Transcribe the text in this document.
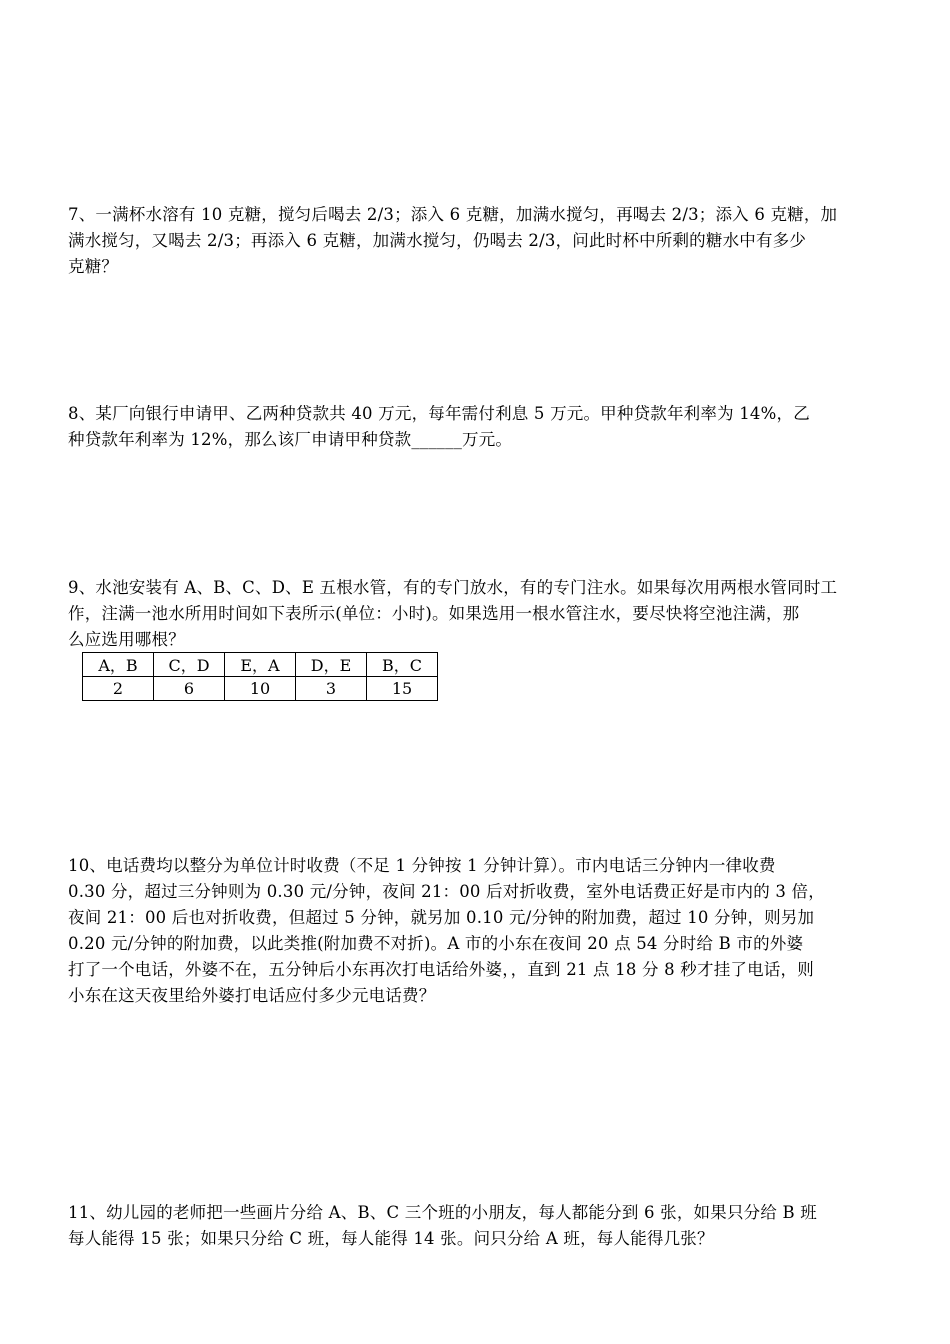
7、一满杯水溶有 10 克糖，搅匀后喝去 2/3；添入 6 克糖，加满水搅匀，再喝去 2/3；添入 6 克糖，加
满水搅匀，又喝去 2/3；再添入 6 克糖，加满水搅匀，仍喝去 2/3，问此时杯中所剩的糖水中有多少
克糖？
8、某厂向银行申请甲、乙两种贷款共 40 万元，每年需付利息 5 万元。甲种贷款年利率为 14%，乙
种贷款年利率为 12%，那么该厂申请甲种贷款______万元。
9、水池安装有 A、B、C、D、E 五根水管，有的专门放水，有的专门注水。如果每次用两根水管同时工
作，注满一池水所用时间如下表所示(单位：小时)。如果选用一根水管注水，要尽快将空池注满，那
么应选用哪根？
A，B	C，D	E，A	D，E	B，C
2	6	10	3	15
10、电话费均以整分为单位计时收费（不足 1 分钟按 1 分钟计算）。市内电话三分钟内一律收费
0.30 分，超过三分钟则为 0.30 元/分钟，夜间 21：00 后对折收费，室外电话费正好是市内的 3 倍，
夜间 21：00 后也对折收费，但超过 5 分钟，就另加 0.10 元/分钟的附加费，超过 10 分钟，则另加
0.20 元/分钟的附加费，以此类推(附加费不对折)。A 市的小东在夜间 20 点 54 分时给 B 市的外婆
打了一个电话，外婆不在，五分钟后小东再次打电话给外婆，，直到 21 点 18 分 8 秒才挂了电话，则
小东在这天夜里给外婆打电话应付多少元电话费？
11、幼儿园的老师把一些画片分给 A、B、C 三个班的小朋友，每人都能分到 6 张，如果只分给 B 班
每人能得 15 张；如果只分给 C 班，每人能得 14 张。问只分给 A 班，每人能得几张？
